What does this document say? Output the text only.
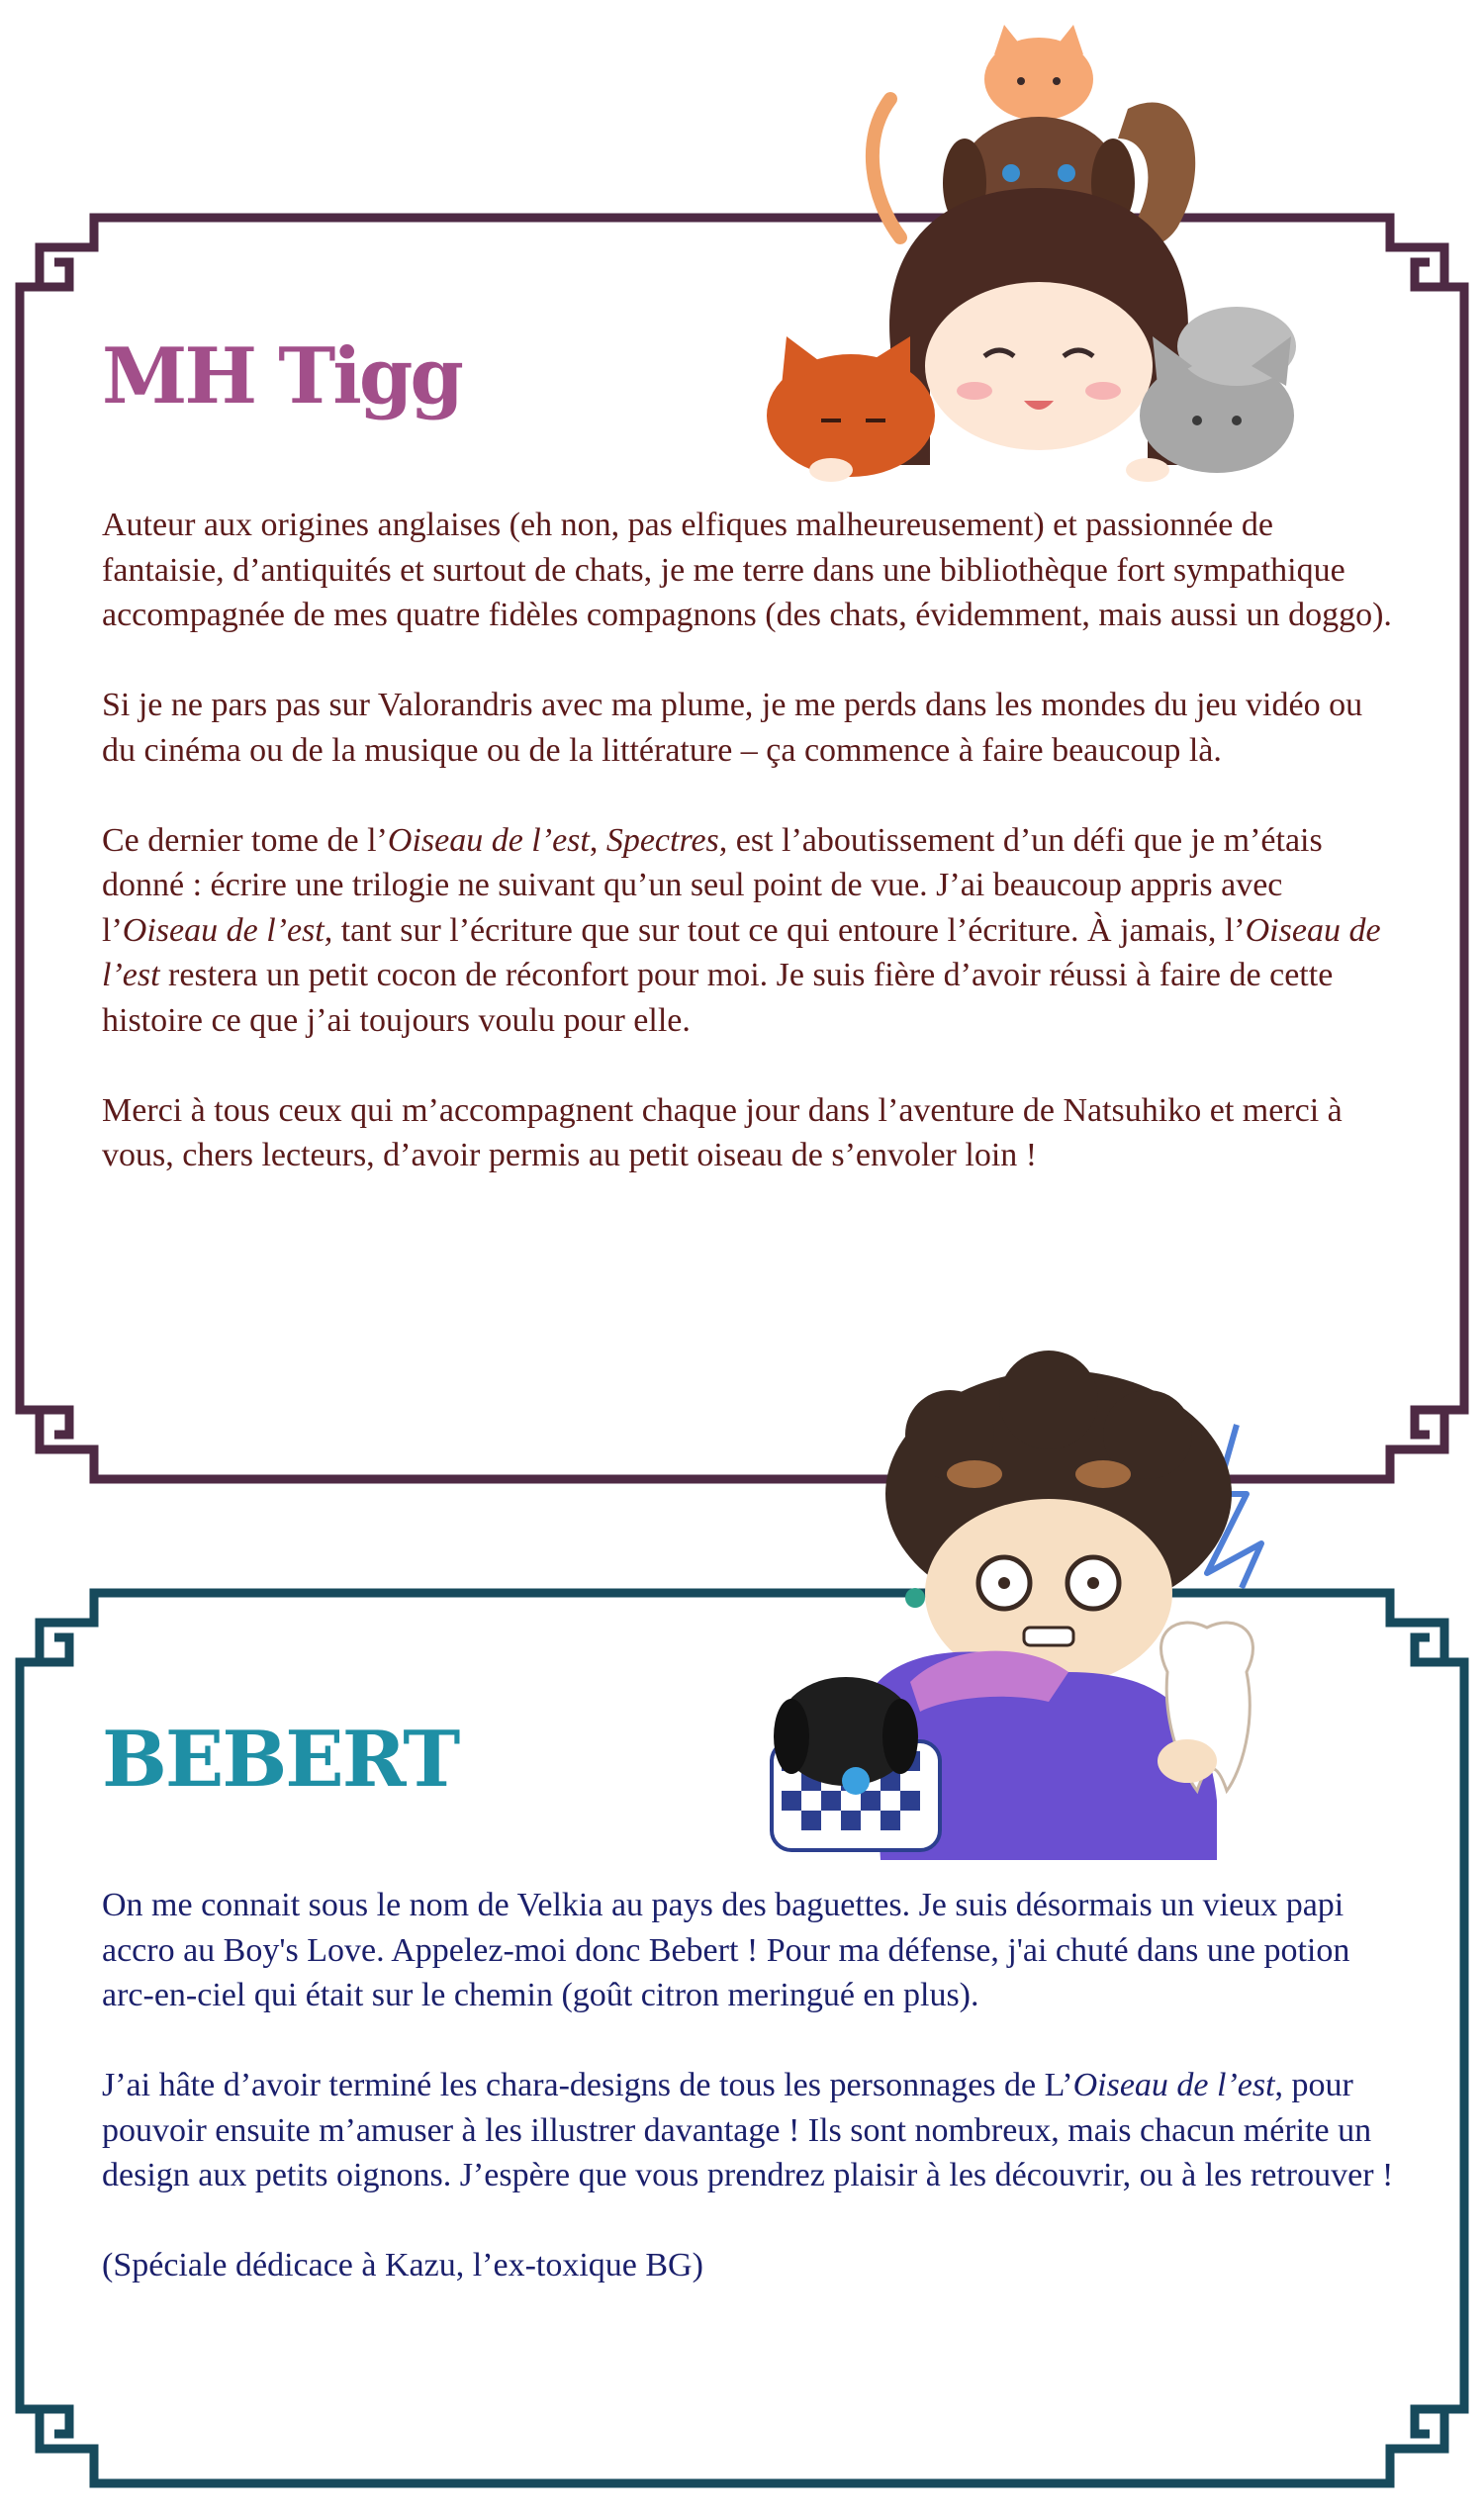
MH Tigg

Auteur aux origines anglaises (eh non, pas elfiques malheureusement) et passionnée de fantaisie, d’antiquités et surtout de chats, je me terre dans une bibliothèque fort sympathique accompagnée de mes quatre fidèles compagnons (des chats, évidemment, mais aussi un doggo).

Si je ne pars pas sur Valorandris avec ma plume, je me perds dans les mondes du jeu vidéo ou du cinéma ou de la musique ou de la littérature – ça commence à faire beaucoup là.

Ce dernier tome de l’Oiseau de l’est, Spectres, est l’aboutissement d’un défi que je m’étais donné : écrire une trilogie ne suivant qu’un seul point de vue. J’ai beaucoup appris avec l’Oiseau de l’est, tant sur l’écriture que sur tout ce qui entoure l’écriture. À jamais, l’Oiseau de l’est restera un petit cocon de réconfort pour moi. Je suis fière d’avoir réussi à faire de cette histoire ce que j’ai toujours voulu pour elle.

Merci à tous ceux qui m’accompagnent chaque jour dans l’aventure de Natsuhiko et merci à vous, chers lecteurs, d’avoir permis au petit oiseau de s’envoler loin !

BEBERT

On me connait sous le nom de Velkia au pays des baguettes. Je suis désormais un vieux papi accro au Boy's Love. Appelez-moi donc Bebert ! Pour ma défense, j'ai chuté dans une potion arc-en-ciel qui était sur le chemin (goût citron meringué en plus).

J’ai hâte d’avoir terminé les chara-designs de tous les personnages de L’Oiseau de l’est, pour pouvoir ensuite m’amuser à les illustrer davantage ! Ils sont nombreux, mais chacun mérite un design aux petits oignons. J’espère que vous prendrez plaisir à les découvrir, ou à les retrouver !

(Spéciale dédicace à Kazu, l’ex-toxique BG)
